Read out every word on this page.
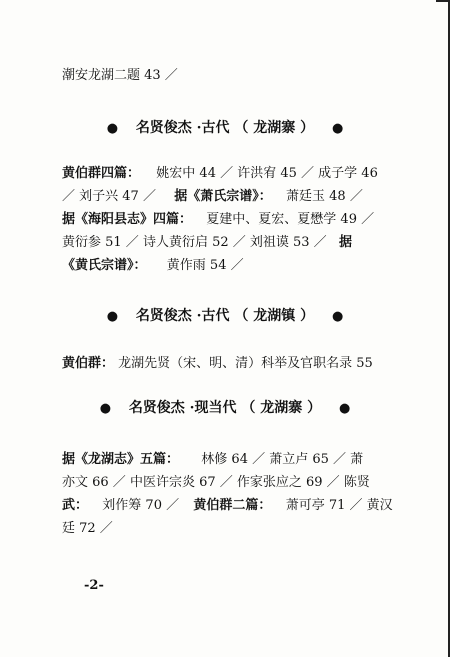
潮安龙湖二题 43 ／
● 名贤俊杰 ·古代 （ 龙湖寨 ） ●
黄伯群四篇： 姚宏中 44 ／ 许洪宥 45 ／ 成子学 46
／ 刘子兴 47 ／ 据《萧氏宗谱》： 萧廷玉 48 ／
据《海阳县志》四篇： 夏建中、夏宏、夏懋学 49 ／
黄衍参 51 ／ 诗人黄衍启 52 ／ 刘祖谟 53 ／ 据
《黄氏宗谱》： 黄作雨 54 ／
● 名贤俊杰 ·古代 （ 龙湖镇 ） ●
黄伯群： 龙湖先贤（宋、明、清）科举及官职名录 55
● 名贤俊杰 ·现当代 （ 龙湖寨 ） ●
据《龙湖志》五篇： 林修 64 ／ 萧立卢 65 ／ 萧
亦文 66 ／ 中医许宗炎 67 ／ 作家张应之 69 ／ 陈贤
武： 刘作筹 70 ／ 黄伯群二篇： 萧可亭 71 ／ 黄汉
廷 72 ／
-2-
